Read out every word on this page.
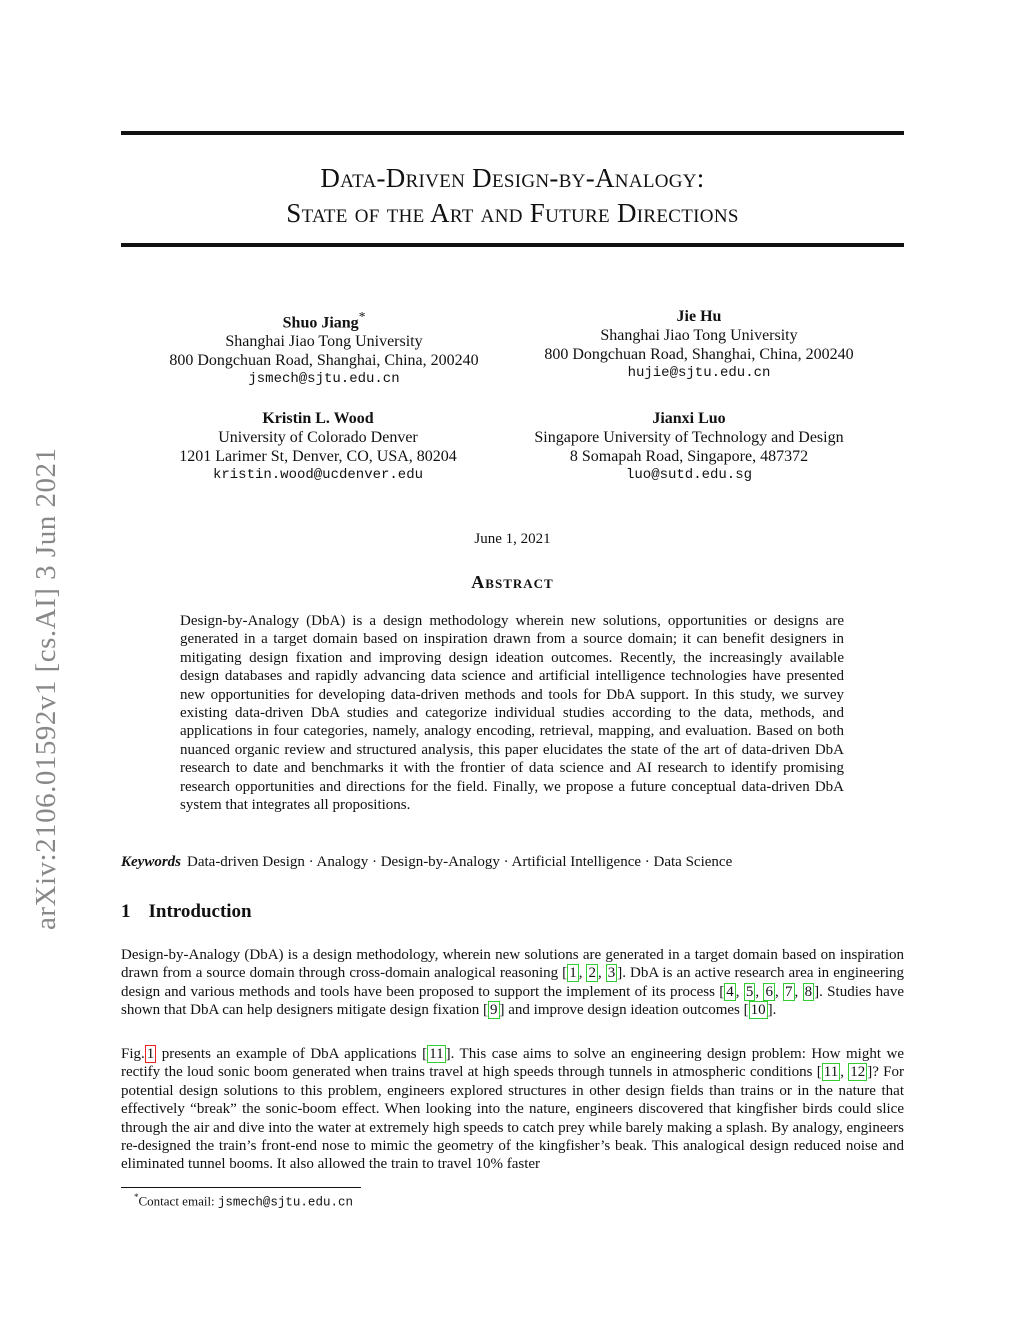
arXiv:2106.01592v1 [cs.AI] 3 Jun 2021
Data-Driven Design-by-Analogy:
State of the Art and Future Directions
Shuo Jiang*
Shanghai Jiao Tong University
800 Dongchuan Road, Shanghai, China, 200240
jsmech@sjtu.edu.cn
Jie Hu
Shanghai Jiao Tong University
800 Dongchuan Road, Shanghai, China, 200240
hujie@sjtu.edu.cn
Kristin L. Wood
University of Colorado Denver
1201 Larimer St, Denver, CO, USA, 80204
kristin.wood@ucdenver.edu
Jianxi Luo
Singapore University of Technology and Design
8 Somapah Road, Singapore, 487372
luo@sutd.edu.sg
June 1, 2021
Abstract
Design-by-Analogy (DbA) is a design methodology wherein new solutions, opportunities or designs are generated in a target domain based on inspiration drawn from a source domain; it can benefit designers in mitigating design fixation and improving design ideation outcomes. Recently, the increasingly available design databases and rapidly advancing data science and artificial intelligence technologies have presented new opportunities for developing data-driven methods and tools for DbA support. In this study, we survey existing data-driven DbA studies and categorize individual studies according to the data, methods, and applications in four categories, namely, analogy encoding, retrieval, mapping, and evaluation. Based on both nuanced organic review and structured analysis, this paper elucidates the state of the art of data-driven DbA research to date and benchmarks it with the frontier of data science and AI research to identify promising research opportunities and directions for the field. Finally, we propose a future conceptual data-driven DbA system that integrates all propositions.
Keywords Data-driven Design · Analogy · Design-by-Analogy · Artificial Intelligence · Data Science
1 Introduction
Design-by-Analogy (DbA) is a design methodology, wherein new solutions are generated in a target domain based on inspiration drawn from a source domain through cross-domain analogical reasoning [ 1 , 2 , 3 ]. DbA is an active research area in engineering design and various methods and tools have been proposed to support the implement of its process [ 4 , 5 , 6 , 7 , 8 ]. Studies have shown that DbA can help designers mitigate design fixation [ 9 ] and improve design ideation outcomes [ 10 ].
Fig. 1 presents an example of DbA applications [ 11 ]. This case aims to solve an engineering design problem: How might we rectify the loud sonic boom generated when trains travel at high speeds through tunnels in atmospheric conditions [ 11 , 12 ]? For potential design solutions to this problem, engineers explored structures in other design fields than trains or in the nature that effectively “break” the sonic-boom effect. When looking into the nature, engineers discovered that kingfisher birds could slice through the air and dive into the water at extremely high speeds to catch prey while barely making a splash. By analogy, engineers re-designed the train’s front-end nose to mimic the geometry of the kingfisher’s beak. This analogical design reduced noise and eliminated tunnel booms. It also allowed the train to travel 10% faster
*Contact email: jsmech@sjtu.edu.cn
